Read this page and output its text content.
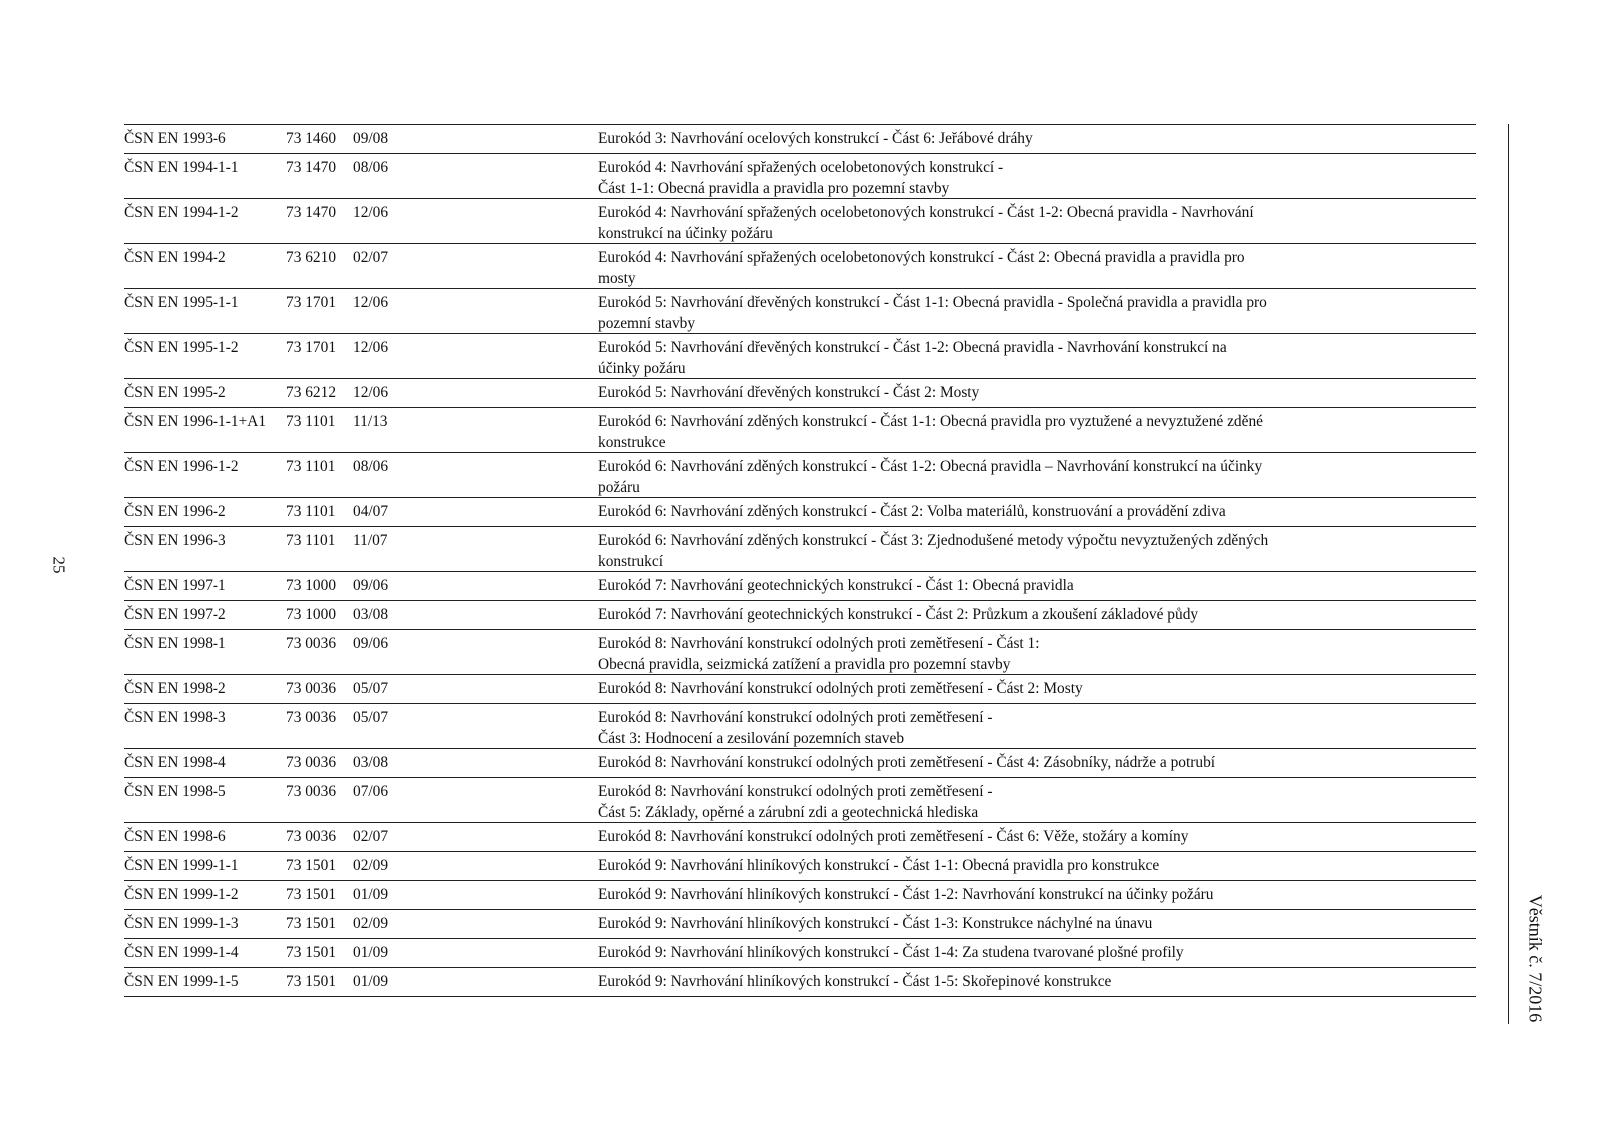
25
ČSN EN 1993-6	73 1460 09/08	Eurokód 3: Navrhování ocelových konstrukcí - Část 6: Jeřábové dráhy
ČSN EN 1994-1-1	73 1470 08/06	Eurokód 4: Navrhování spřažených ocelobetonových konstrukcí -
Část 1-1: Obecná pravidla a pravidla pro pozemní stavby
ČSN EN 1994-1-2	73 1470 12/06	Eurokód 4: Navrhování spřažených ocelobetonových konstrukcí - Část 1-2: Obecná pravidla - Navrhování
konstrukcí na účinky požáru
ČSN EN 1994-2	73 6210 02/07	Eurokód 4: Navrhování spřažených ocelobetonových konstrukcí - Část 2: Obecná pravidla a pravidla pro
mosty
ČSN EN 1995-1-1	73 1701 12/06	Eurokód 5: Navrhování dřevěných konstrukcí - Část 1-1: Obecná pravidla - Společná pravidla a pravidla pro
pozemní stavby
ČSN EN 1995-1-2	73 1701 12/06	Eurokód 5: Navrhování dřevěných konstrukcí - Část 1-2: Obecná pravidla - Navrhování konstrukcí na
účinky požáru
ČSN EN 1995-2	73 6212 12/06	Eurokód 5: Navrhování dřevěných konstrukcí - Část 2: Mosty
ČSN EN 1996-1-1+A1 73 1101 11/13	Eurokód 6: Navrhování zděných konstrukcí - Část 1-1: Obecná pravidla pro vyztužené a nevyztužené zděné
konstrukce
ČSN EN 1996-1-2	73 1101 08/06	Eurokód 6: Navrhování zděných konstrukcí - Část 1-2: Obecná pravidla – Navrhování konstrukcí na účinky
požáru
ČSN EN 1996-2	73 1101 04/07	Eurokód 6: Navrhování zděných konstrukcí - Část 2: Volba materiálů, konstruování a provádění zdiva
ČSN EN 1996-3	73 1101 11/07	Eurokód 6: Navrhování zděných konstrukcí - Část 3: Zjednodušené metody výpočtu nevyztužených zděných
konstrukcí
ČSN EN 1997-1	73 1000 09/06	Eurokód 7: Navrhování geotechnických konstrukcí - Část 1: Obecná pravidla
ČSN EN 1997-2	73 1000 03/08	Eurokód 7: Navrhování geotechnických konstrukcí - Část 2: Průzkum a zkoušení základové půdy
ČSN EN 1998-1	73 0036 09/06	Eurokód 8: Navrhování konstrukcí odolných proti zemětřesení - Část 1:
Obecná pravidla, seizmická zatížení a pravidla pro pozemní stavby
ČSN EN 1998-2	73 0036 05/07	Eurokód 8: Navrhování konstrukcí odolných proti zemětřesení - Část 2: Mosty
ČSN EN 1998-3	73 0036 05/07	Eurokód 8: Navrhování konstrukcí odolných proti zemětřesení -
Část 3: Hodnocení a zesilování pozemních staveb
ČSN EN 1998-4	73 0036 03/08	Eurokód 8: Navrhování konstrukcí odolných proti zemětřesení - Část 4: Zásobníky, nádrže a potrubí
ČSN EN 1998-5	73 0036 07/06	Eurokód 8: Navrhování konstrukcí odolných proti zemětřesení -
Část 5: Základy, opěrné a zárubní zdi a geotechnická hlediska
ČSN EN 1998-6	73 0036 02/07	Eurokód 8: Navrhování konstrukcí odolných proti zemětřesení - Část 6: Věže, stožáry a komíny
ČSN EN 1999-1-1	73 1501 02/09	Eurokód 9: Navrhování hliníkových konstrukcí - Část 1-1: Obecná pravidla pro konstrukce
ČSN EN 1999-1-2	73 1501 01/09	Eurokód 9: Navrhování hliníkových konstrukcí - Část 1-2: Navrhování konstrukcí na účinky požáru
ČSN EN 1999-1-3	73 1501 02/09	Eurokód 9: Navrhování hliníkových konstrukcí - Část 1-3: Konstrukce náchylné na únavu
ČSN EN 1999-1-4	73 1501 01/09	Eurokód 9: Navrhování hliníkových konstrukcí - Část 1-4: Za studena tvarované plošné profily
ČSN EN 1999-1-5	73 1501 01/09	Eurokód 9: Navrhování hliníkových konstrukcí - Část 1-5: Skořepinové konstrukce	Věstník č. 7/2016
